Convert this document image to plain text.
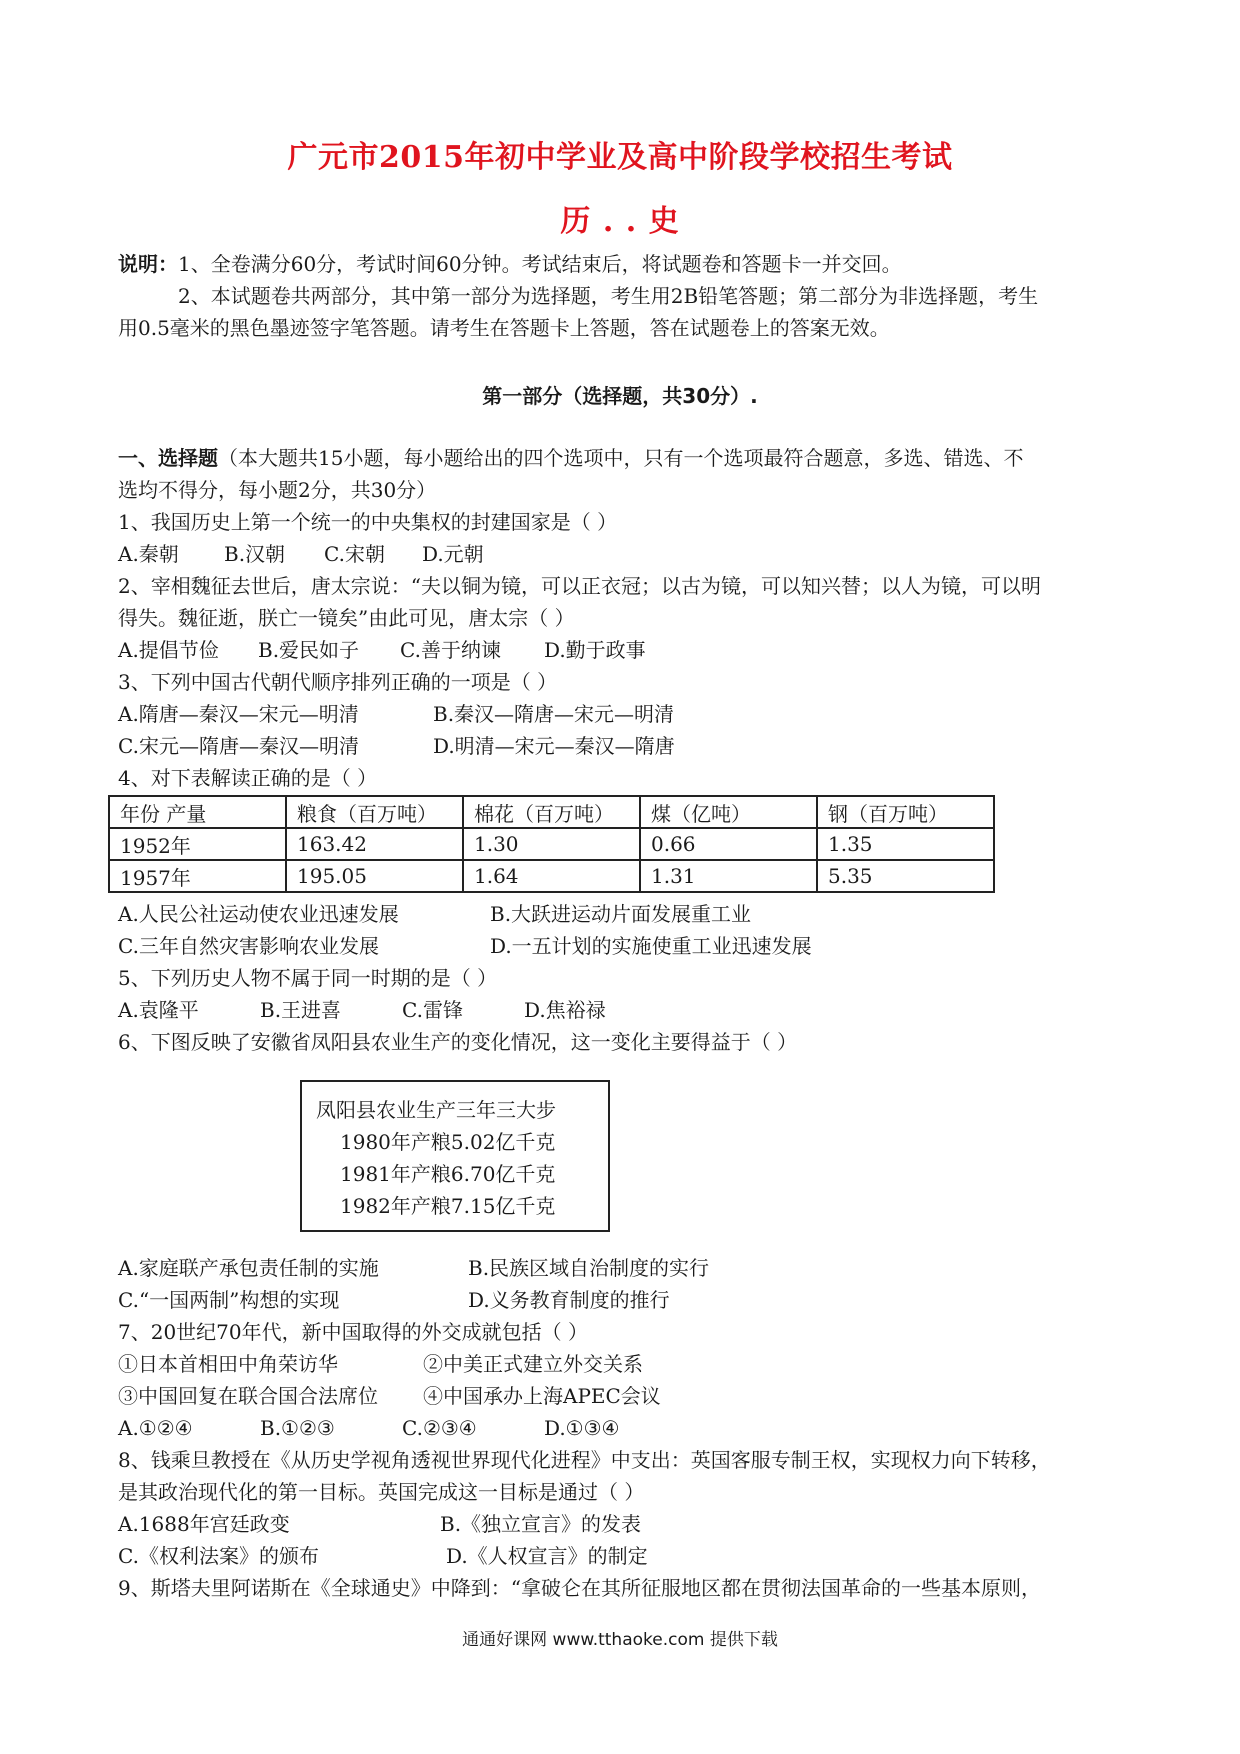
广元市2015年初中学业及高中阶段学校招生考试
历 . . 史
说明：1、全卷满分60分，考试时间60分钟。考试结束后，将试题卷和答题卡一并交回。
2、本试题卷共两部分，其中第一部分为选择题，考生用2B铅笔答题；第二部分为非选择题，考生
用0.5毫米的黑色墨迹签字笔答题。请考生在答题卡上答题，答在试题卷上的答案无效。
第一部分（选择题，共30分）.
一、选择题（本大题共15小题，每小题给出的四个选项中，只有一个选项最符合题意，多选、错选、不
选均不得分，每小题2分，共30分）
1、我国历史上第一个统一的中央集权的封建国家是（ ）
A.秦朝	B.汉朝	C.宋朝	D.元朝
2、宰相魏征去世后，唐太宗说：“夫以铜为镜，可以正衣冠；以古为镜，可以知兴替；以人为镜，可以明
得失。魏征逝，朕亡一镜矣”由此可见，唐太宗（ ）
A.提倡节俭	B.爱民如子	C.善于纳谏	D.勤于政事
3、下列中国古代朝代顺序排列正确的一项是（ ）
A.隋唐—秦汉—宋元—明清	B.秦汉—隋唐—宋元—明清
C.宋元—隋唐—秦汉—明清	D.明清—宋元—秦汉—隋唐
4、对下表解读正确的是（ ）
年份 产量	粮食（百万吨）	棉花（百万吨）	煤（亿吨）	钢（百万吨）
1952年	163.42	1.30	0.66	1.35
1957年	195.05	1.64	1.31	5.35
A.人民公社运动使农业迅速发展	B.大跃进运动片面发展重工业
C.三年自然灾害影响农业发展	D.一五计划的实施使重工业迅速发展
5、下列历史人物不属于同一时期的是（ ）
A.袁隆平	B.王进喜	C.雷锋	D.焦裕禄
6、下图反映了安徽省凤阳县农业生产的变化情况，这一变化主要得益于（ ）
凤阳县农业生产三年三大步
1980年产粮5.02亿千克
1981年产粮6.70亿千克
1982年产粮7.15亿千克
A.家庭联产承包责任制的实施	B.民族区域自治制度的实行
C.“一国两制”构想的实现	D.义务教育制度的推行
7、20世纪70年代，新中国取得的外交成就包括（ ）
①日本首相田中角荣访华	②中美正式建立外交关系
③中国回复在联合国合法席位	④中国承办上海APEC会议
A.①②④	B.①②③	C.②③④	D.①③④
8、钱乘旦教授在《从历史学视角透视世界现代化进程》中支出：英国客服专制王权，实现权力向下转移，
是其政治现代化的第一目标。英国完成这一目标是通过（ ）
A.1688年宫廷政变	B.《独立宣言》的发表
C.《权利法案》的颁布	D.《人权宣言》的制定
9、斯塔夫里阿诺斯在《全球通史》中降到：“拿破仑在其所征服地区都在贯彻法国革命的一些基本原则，
通通好课网 www.tthaoke.com 提供下载
